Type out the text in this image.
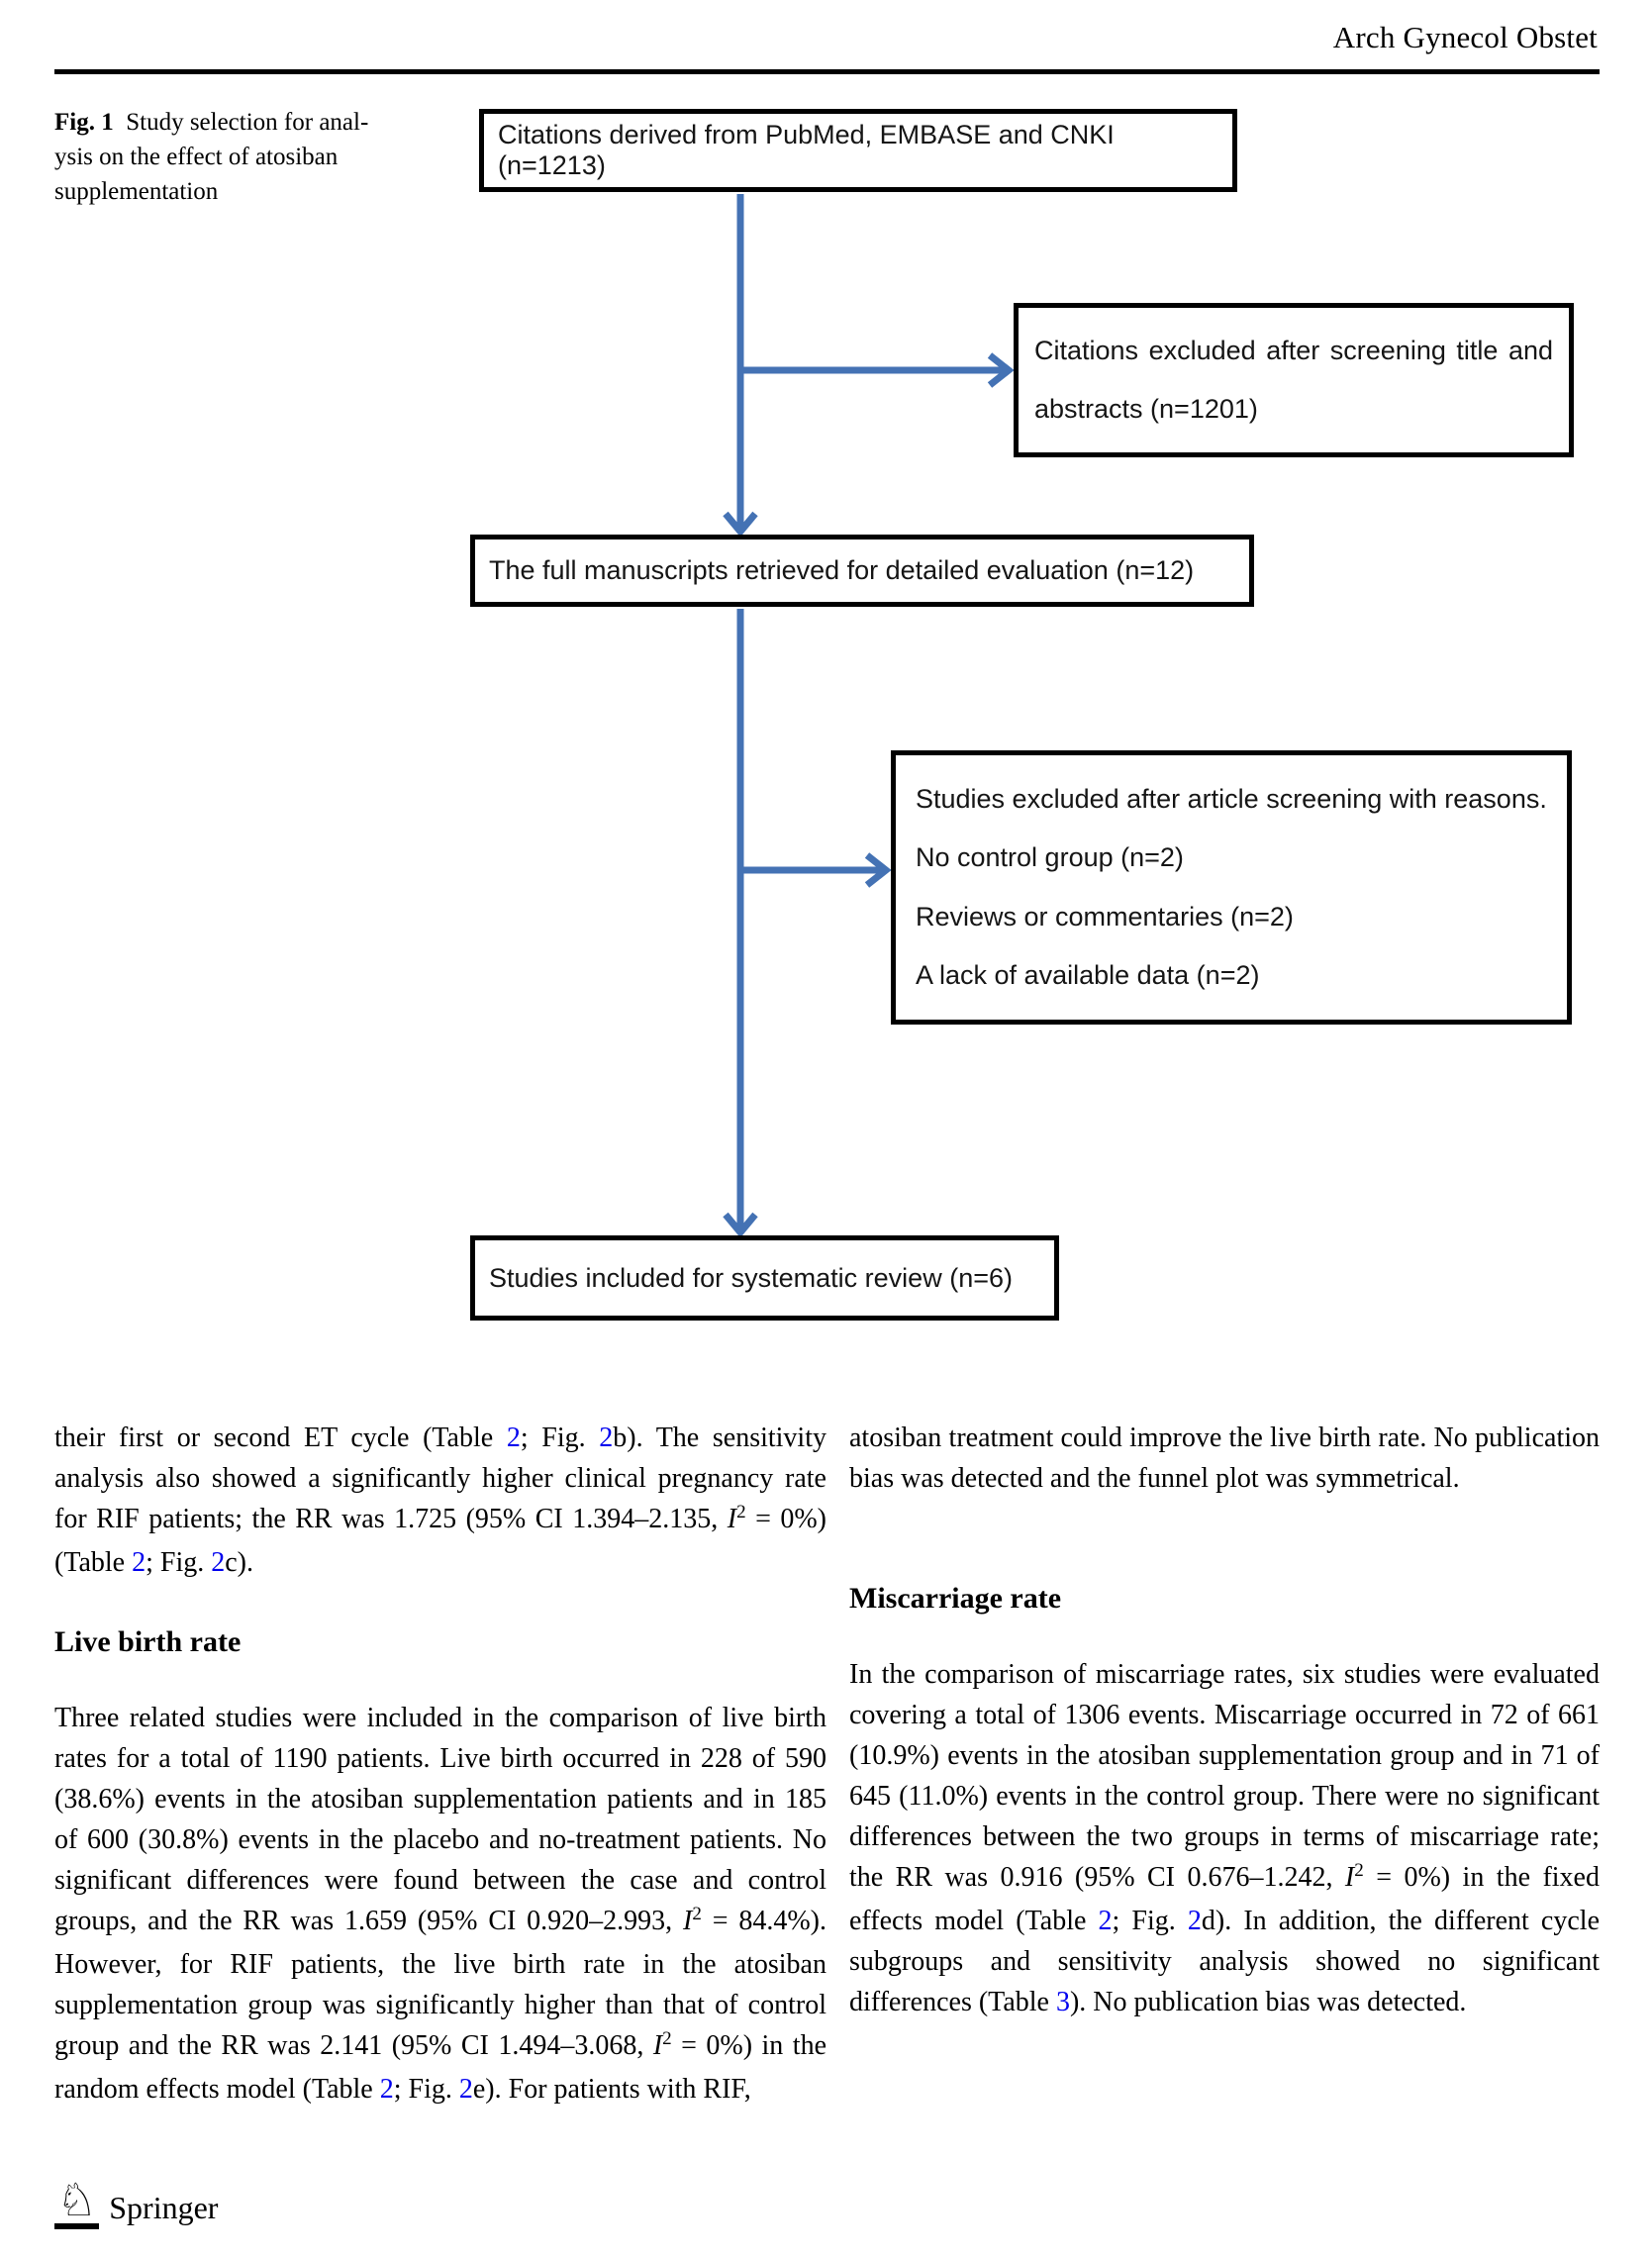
Arch Gynecol Obstet
Fig. 1  Study selection for anal-
ysis on the effect of atosiban
supplementation
Citations derived from PubMed, EMBASE and CNKI (n=1213)
Citations excluded after screening title and
abstracts (n=1201)
The full manuscripts retrieved for detailed evaluation (n=12)
Studies excluded after article screening with reasons.
No control group (n=2)
Reviews or commentaries (n=2)
A lack of available data (n=2)
Studies included for systematic review (n=6)

their first or second ET cycle (Table 2; Fig. 2b). The sensitivity analysis also showed a significantly higher clinical pregnancy rate for RIF patients; the RR was 1.725 (95% CI 1.394–2.135, $I^2 = 0\%$) (Table 2; Fig. 2c).

Live birth rate

Three related studies were included in the comparison of live birth rates for a total of 1190 patients. Live birth occurred in 228 of 590 (38.6%) events in the atosiban supplementation patients and in 185 of 600 (30.8%) events in the placebo and no-treatment patients. No significant differences were found between the case and control groups, and the RR was 1.659 (95% CI 0.920–2.993, $I^2 = 84.4\%$). However, for RIF patients, the live birth rate in the atosiban supplementation group was significantly higher than that of control group and the RR was 2.141 (95% CI 1.494–3.068, $I^2 = 0\%$) in the random effects model (Table 2; Fig. 2e). For patients with RIF,

atosiban treatment could improve the live birth rate. No publication bias was detected and the funnel plot was symmetrical.

Miscarriage rate

In the comparison of miscarriage rates, six studies were evaluated covering a total of 1306 events. Miscarriage occurred in 72 of 661 (10.9%) events in the atosiban supplementation group and in 71 of 645 (11.0%) events in the control group. There were no significant differences between the two groups in terms of miscarriage rate; the RR was 0.916 (95% CI 0.676–1.242, $I^2 = 0\%$) in the fixed effects model (Table 2; Fig. 2d). In addition, the different cycle subgroups and sensitivity analysis showed no significant differences (Table 3). No publication bias was detected.

♘ Springer
